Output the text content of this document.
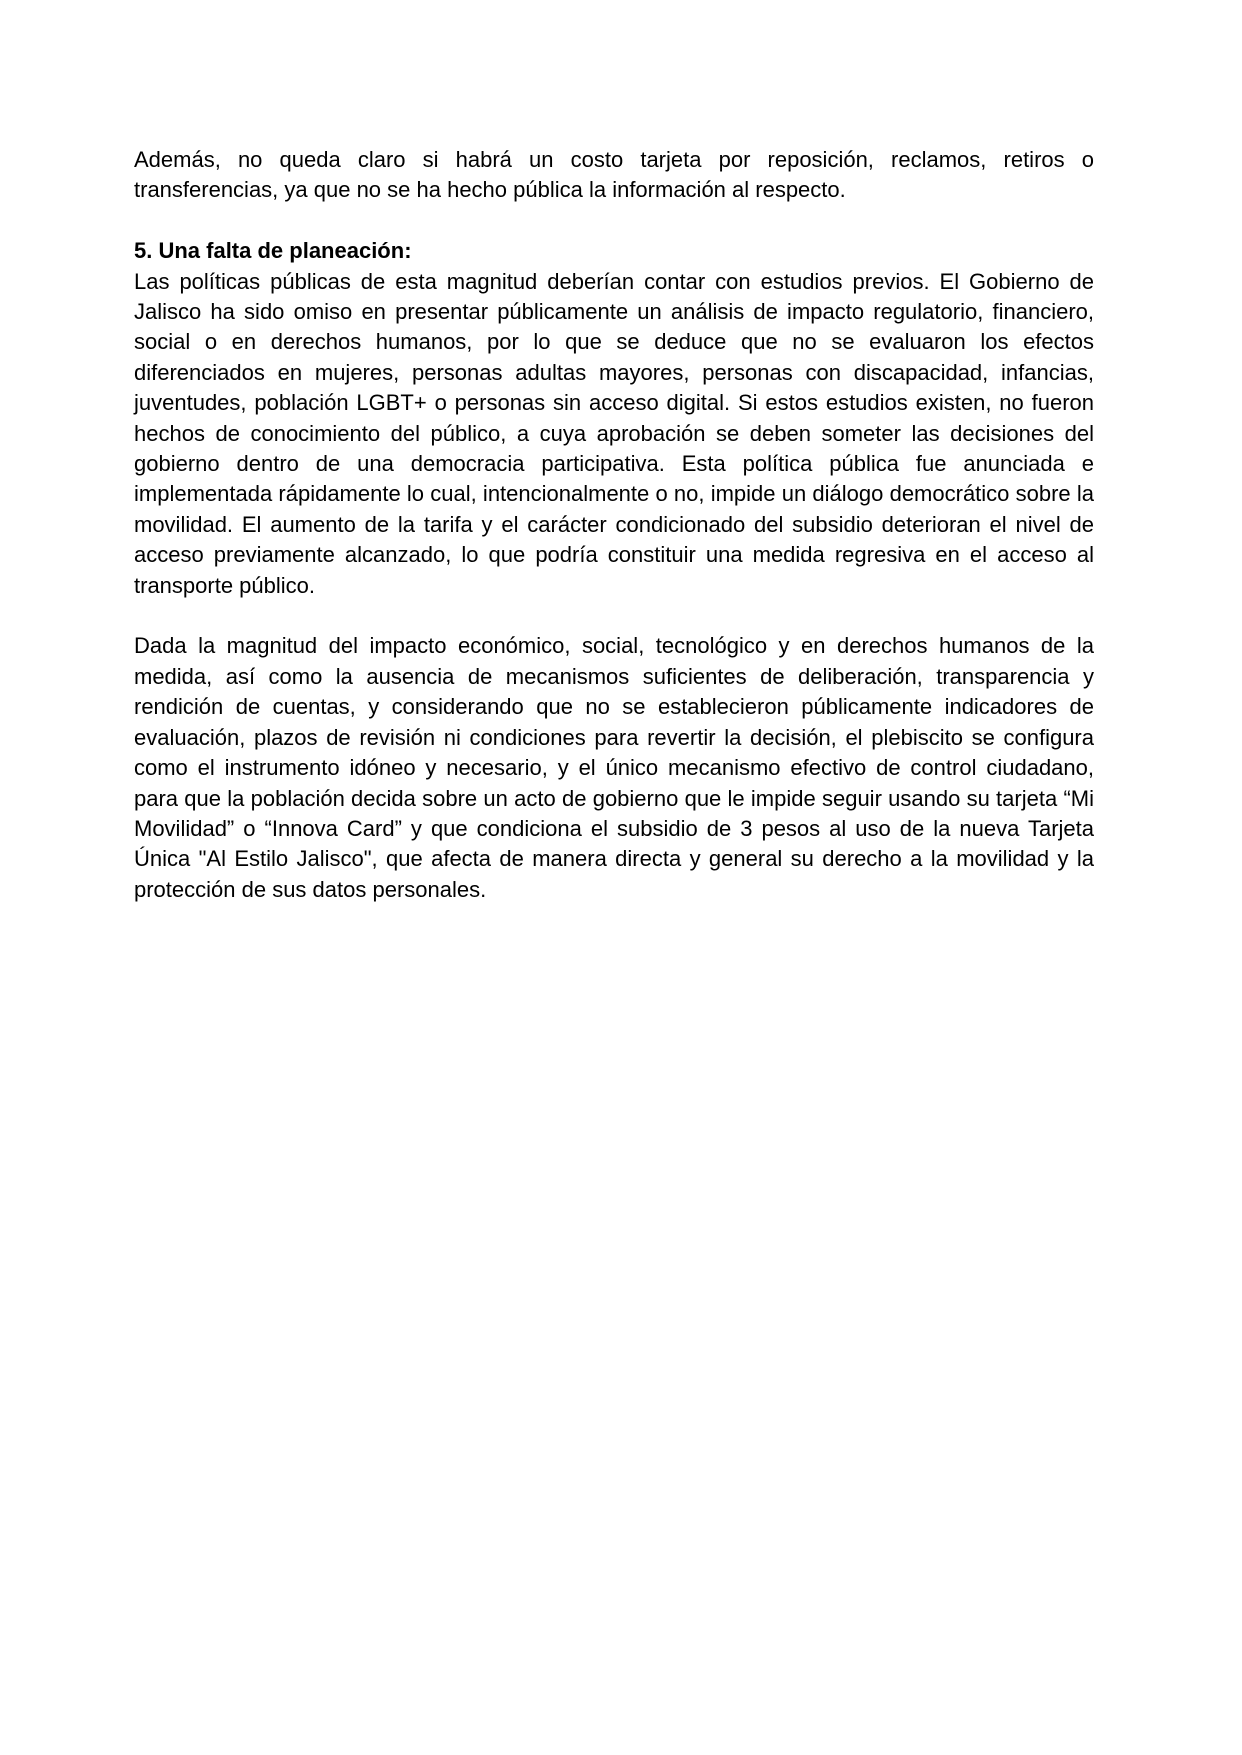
Además, no queda claro si habrá un costo tarjeta por reposición, reclamos, retiros o transferencias, ya que no se ha hecho pública la información al respecto.

5. Una falta de planeación:

Las políticas públicas de esta magnitud deberían contar con estudios previos. El Gobierno de Jalisco ha sido omiso en presentar públicamente un análisis de impacto regulatorio, financiero, social o en derechos humanos, por lo que se deduce que no se evaluaron los efectos diferenciados en mujeres, personas adultas mayores, personas con discapacidad, infancias, juventudes, población LGBT+ o personas sin acceso digital. Si estos estudios existen, no fueron hechos de conocimiento del público, a cuya aprobación se deben someter las decisiones del gobierno dentro de una democracia participativa. Esta política pública fue anunciada e implementada rápidamente lo cual, intencionalmente o no, impide un diálogo democrático sobre la movilidad. El aumento de la tarifa y el carácter condicionado del subsidio deterioran el nivel de acceso previamente alcanzado, lo que podría constituir una medida regresiva en el acceso al transporte público.

Dada la magnitud del impacto económico, social, tecnológico y en derechos humanos de la medida, así como la ausencia de mecanismos suficientes de deliberación, transparencia y rendición de cuentas, y considerando que no se establecieron públicamente indicadores de evaluación, plazos de revisión ni condiciones para revertir la decisión, el plebiscito se configura como el instrumento idóneo y necesario, y el único mecanismo efectivo de control ciudadano, para que la población decida sobre un acto de gobierno que le impide seguir usando su tarjeta “Mi Movilidad” o “Innova Card” y que condiciona el subsidio de 3 pesos al uso de la nueva Tarjeta Única "Al Estilo Jalisco", que afecta de manera directa y general su derecho a la movilidad y la protección de sus datos personales.
